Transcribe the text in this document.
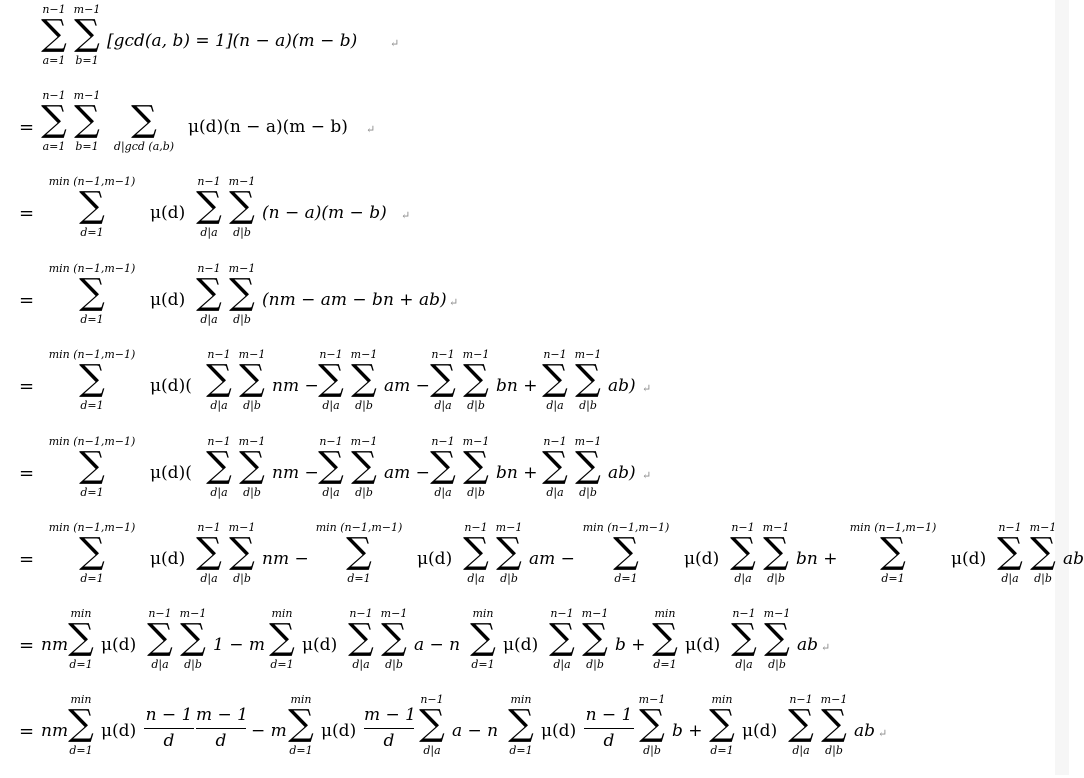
n−1
∑
a=1
m−1
∑
b=1
[gcd(a, b) = 1](n − a)(m − b)	↵
=
n−1
∑
a=1
m−1
∑
b=1
∑
d|gcd (a,b)
μ(d)(n − a)(m − b) ↵
=
min (n−1,m−1)
∑
d=1
μ(d)
n−1
∑
d|a
m−1
∑
d|b
(n − a)(m − b) ↵
=
min (n−1,m−1)
∑
d=1
μ(d)
n−1
∑
d|a
m−1
∑
d|b
(nm − am − bn + ab) ↵
=
min (n−1,m−1)
∑
d=1
μ(d)(
n−1
∑
d|a
m−1
∑
d|b
nm −
n−1
∑
d|a
m−1
∑
d|b
am −
n−1
∑
d|a
m−1
∑
d|b
bn +
n−1
∑
d|a
m−1
∑
d|b
ab) ↵
=
min (n−1,m−1)
∑
d=1
μ(d)(
n−1
∑
d|a
m−1
∑
d|b
nm −
n−1
∑
d|a
m−1
∑
d|b
am −
n−1
∑
d|a
m−1
∑
d|b
bn +
n−1
∑
d|a
m−1
∑
d|b
ab) ↵
=
min (n−1,m−1)
∑
d=1
μ(d)
n−1
∑
d|a
m−1
∑
d|b
nm −
min (n−1,m−1)
∑
d=1
μ(d)
n−1
∑
d|a
m−1
∑
d|b
am −
min (n−1,m−1)
∑
d=1
μ(d)
n−1
∑
d|a
m−1
∑
d|b
bn +
min (n−1,m−1)
∑
d=1
μ(d)
n−1
∑
d|a
m−1
∑
d|b
ab
= nm
min
∑
d=1
μ(d)
n−1
∑
d|a
m−1
∑
d|b
1 − m
min
∑
d=1
μ(d)
n−1
∑
d|a
m−1
∑
d|b
a − n
min
∑
d=1
μ(d)
n−1
∑
d|a
m−1
∑
d|b
b +
min
∑
d=1
μ(d)
n−1
∑
d|a
m−1
∑
d|b
ab ↵
= nm
min
∑
d=1
μ(d)
n − 1
d
m − 1
d	− m
min
∑
d=1
μ(d)
m − 1
d
n−1
∑
d|a
a − n
min
∑
d=1
μ(d)
n − 1
d
m−1
∑
d|b
b +
min
∑
d=1
μ(d)
n−1
∑
d|a
m−1
∑
d|b
ab ↵
